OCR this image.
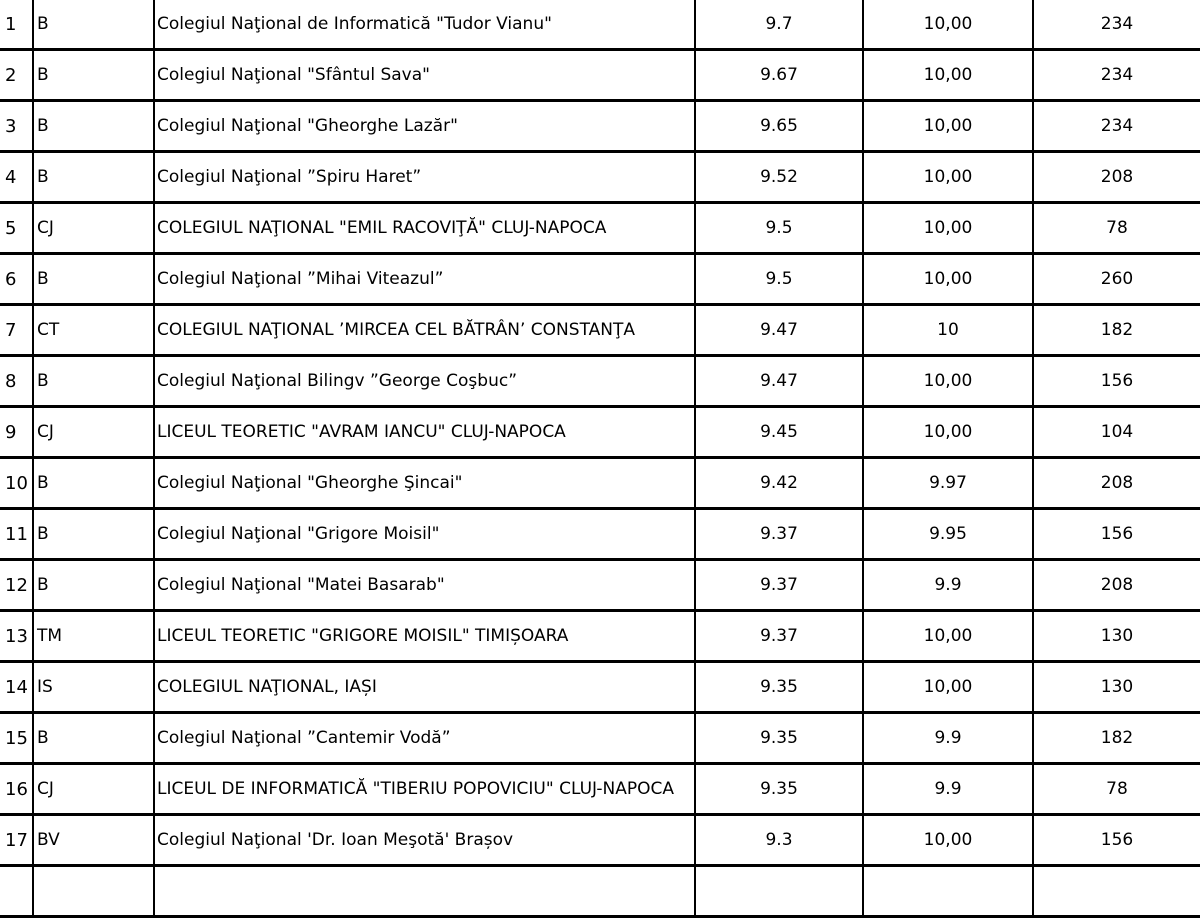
1	B	Colegiul Naţional de Informatică "Tudor Vianu"	9.7	10,00	234
2	B	Colegiul Naţional "Sfântul Sava"	9.67	10,00	234
3	B	Colegiul Naţional "Gheorghe Lazăr"	9.65	10,00	234
4	B	Colegiul Naţional ”Spiru Haret”	9.52	10,00	208
5	CJ	COLEGIUL NAŢIONAL "EMIL RACOVIŢĂ" CLUJ-NAPOCA	9.5	10,00	78
6	B	Colegiul Naţional ”Mihai Viteazul”	9.5	10,00	260
7	CT	COLEGIUL NAŢIONAL ’MIRCEA CEL BĂTRÂN’ CONSTANŢA	9.47	10	182
8	B	Colegiul Naţional Bilingv ”George Coşbuc”	9.47	10,00	156
9	CJ	LICEUL TEORETIC "AVRAM IANCU" CLUJ-NAPOCA	9.45	10,00	104
10	B	Colegiul Naţional "Gheorghe Şincai"	9.42	9.97	208
11	B	Colegiul Naţional "Grigore Moisil"	9.37	9.95	156
12	B	Colegiul Naţional "Matei Basarab"	9.37	9.9	208
13	TM	LICEUL TEORETIC "GRIGORE MOISIL" TIMIȘOARA	9.37	10,00	130
14	IS	COLEGIUL NAŢIONAL, IAȘI	9.35	10,00	130
15	B	Colegiul Naţional ”Cantemir Vodă”	9.35	9.9	182
16	CJ	LICEUL DE INFORMATICĂ "TIBERIU POPOVICIU" CLUJ-NAPOCA	9.35	9.9	78
17	BV	Colegiul Naţional 'Dr. Ioan Meşotă' Brașov	9.3	10,00	156
